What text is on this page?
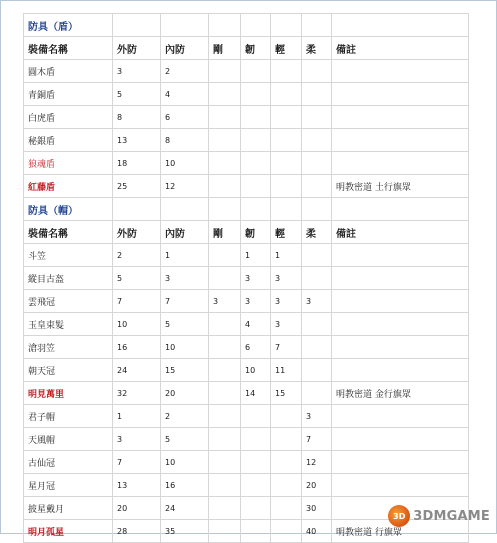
防具（盾）							
裝備名稱	外防	內防	剛	韌	輕	柔	備註
圓木盾	3	2					
青銅盾	5	4					
白虎盾	8	6					
秘銀盾	13	8					
狼魂盾	18	10					
紅藤盾	25	12					明教密道 土行旗眾
防具（帽）							
裝備名稱	外防	內防	剛	韌	輕	柔	備註
斗笠	2	1		1	1		
縱目古盔	5	3		3	3		
雲飛冠	7	7	3	3	3	3	
玉皇束髮	10	5		4	3		
滄羽笠	16	10		6	7		
朝天冠	24	15		10	11		
明見萬里	32	20		14	15		明教密道 金行旗眾
君子帽	1	2				3	
天風帽	3	5				7	
古仙冠	7	10				12	
星月冠	13	16				20	
披星戴月	20	24				30	
明月孤星	28	35				40	明教密道 行旗眾
3D 3DMGAME
